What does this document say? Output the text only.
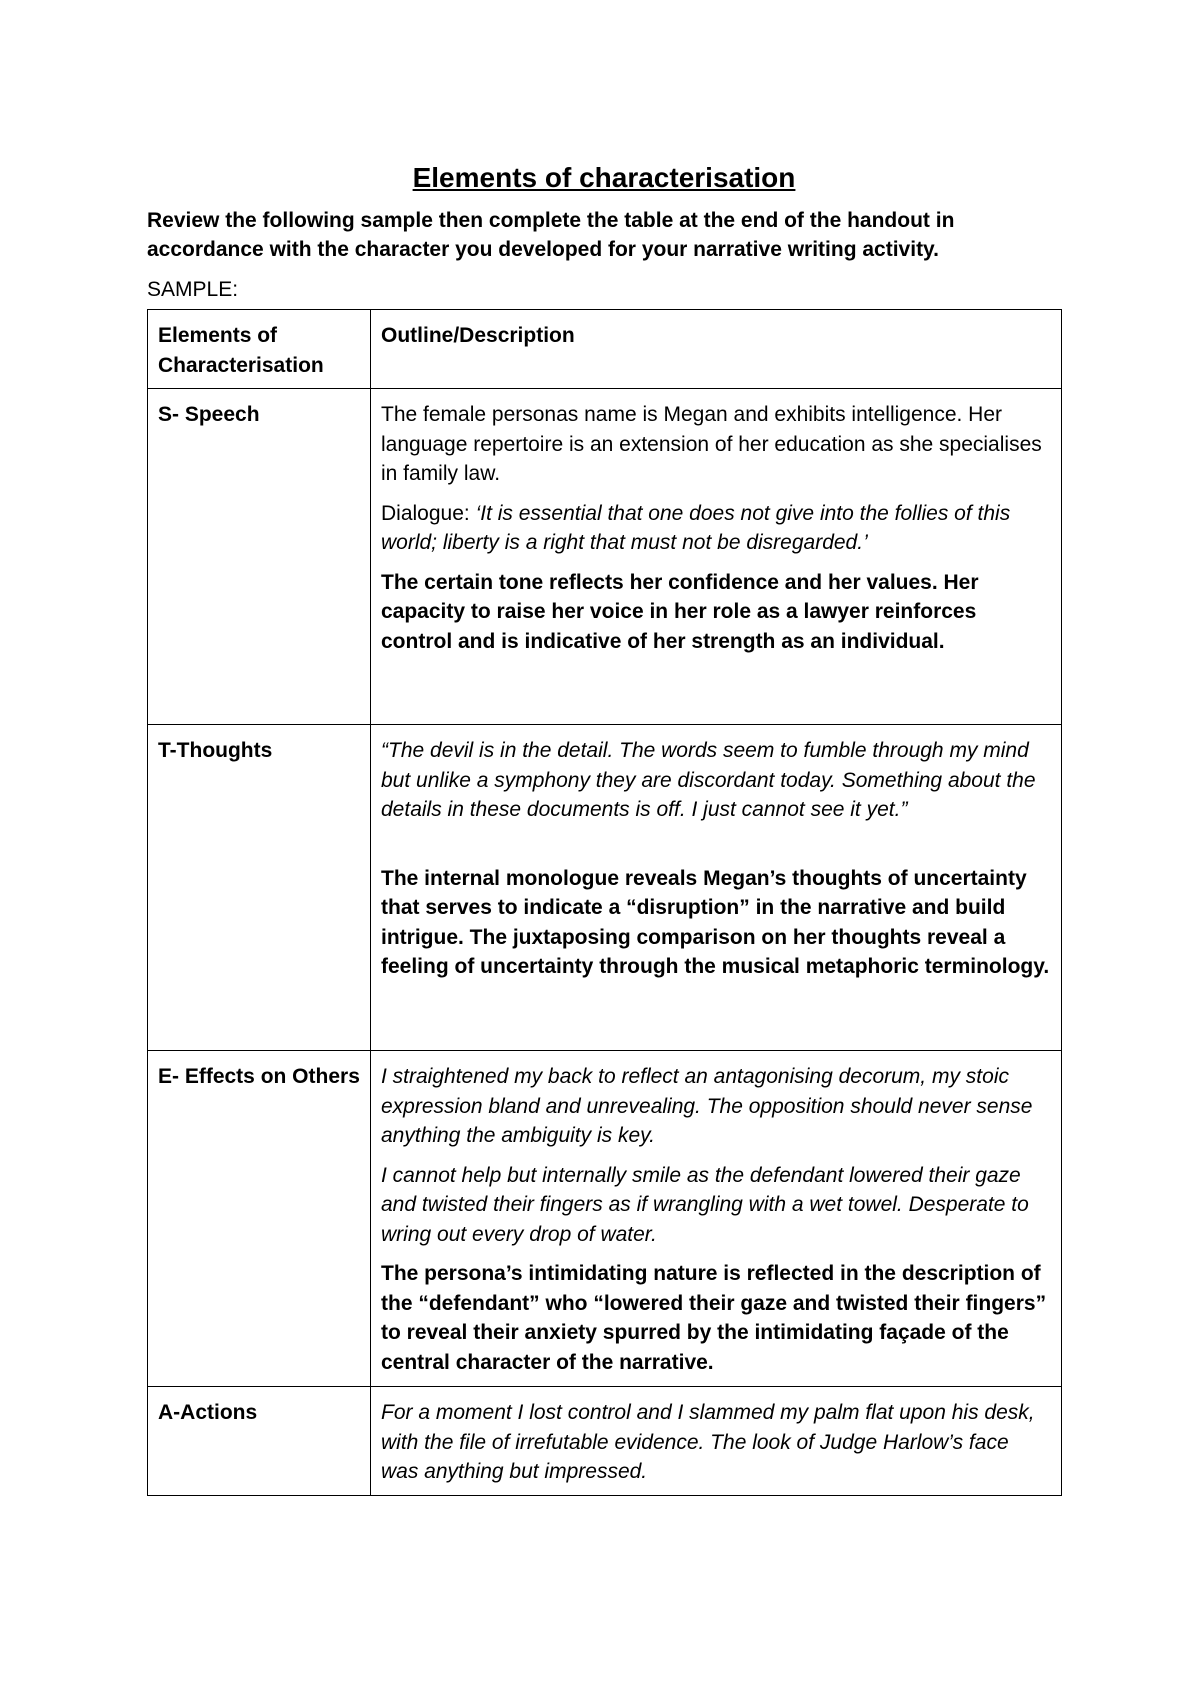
Elements of characterisation
Review the following sample then complete the table at the end of the handout in accordance with the character you developed for your narrative writing activity.
SAMPLE:
Elements of Characterisation	Outline/Description
S- Speech	The female personas name is Megan and exhibits intelligence. Her language repertoire is an extension of her education as she specialises in family law.
Dialogue: ‘It is essential that one does not give into the follies of this world; liberty is a right that must not be disregarded.’
The certain tone reflects her confidence and her values. Her capacity to raise her voice in her role as a lawyer reinforces control and is indicative of her strength as an individual.

T-Thoughts	“The devil is in the detail. The words seem to fumble through my mind but unlike a symphony they are discordant today. Something about the details in these documents is off. I just cannot see it yet.”
The internal monologue reveals Megan’s thoughts of uncertainty that serves to indicate a “disruption” in the narrative and build intrigue. The juxtaposing comparison on her thoughts reveal a feeling of uncertainty through the musical metaphoric terminology.

E- Effects on Others	I straightened my back to reflect an antagonising decorum, my stoic expression bland and unrevealing. The opposition should never sense anything the ambiguity is key.
I cannot help but internally smile as the defendant lowered their gaze and twisted their fingers as if wrangling with a wet towel. Desperate to wring out every drop of water.
The persona’s intimidating nature is reflected in the description of the “defendant” who “lowered their gaze and twisted their fingers” to reveal their anxiety spurred by the intimidating façade of the central character of the narrative.

A-Actions	For a moment I lost control and I slammed my palm flat upon his desk, with the file of irrefutable evidence. The look of Judge Harlow’s face was anything but impressed.
